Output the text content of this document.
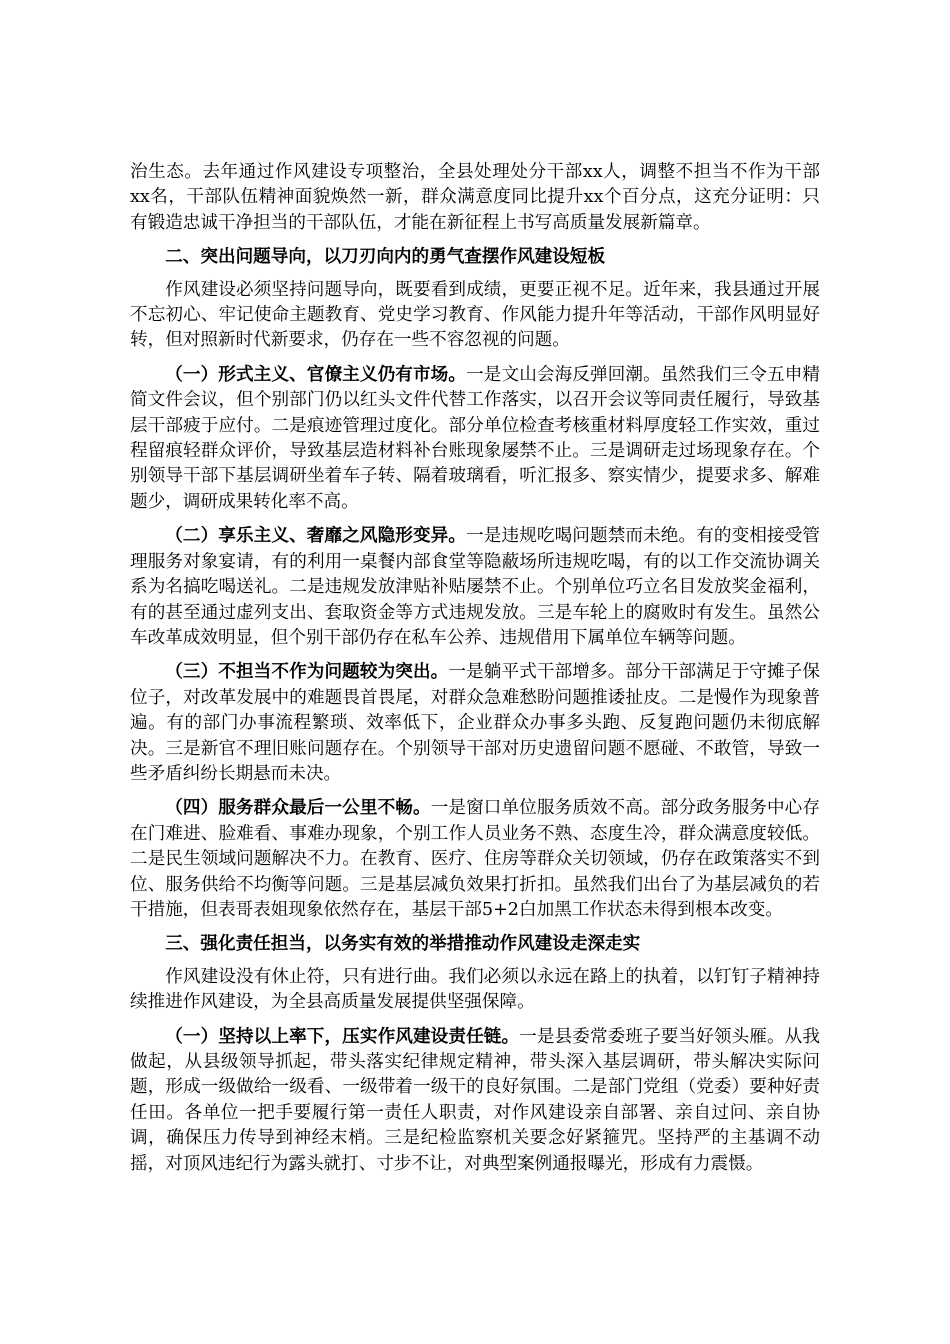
治生态。去年通过作风建设专项整治，全县处理处分干部xx人，调整不担当不作为干部xx名，干部队伍精神面貌焕然一新，群众满意度同比提升xx个百分点，这充分证明：只有锻造忠诚干净担当的干部队伍，才能在新征程上书写高质量发展新篇章。

二、突出问题导向，以刀刃向内的勇气查摆作风建设短板

作风建设必须坚持问题导向，既要看到成绩，更要正视不足。近年来，我县通过开展不忘初心、牢记使命主题教育、党史学习教育、作风能力提升年等活动，干部作风明显好转，但对照新时代新要求，仍存在一些不容忽视的问题。

（一）形式主义、官僚主义仍有市场。一是文山会海反弹回潮。虽然我们三令五申精简文件会议，但个别部门仍以红头文件代替工作落实，以召开会议等同责任履行，导致基层干部疲于应付。二是痕迹管理过度化。部分单位检查考核重材料厚度轻工作实效，重过程留痕轻群众评价，导致基层造材料补台账现象屡禁不止。三是调研走过场现象存在。个别领导干部下基层调研坐着车子转、隔着玻璃看，听汇报多、察实情少，提要求多、解难题少，调研成果转化率不高。

（二）享乐主义、奢靡之风隐形变异。一是违规吃喝问题禁而未绝。有的变相接受管理服务对象宴请，有的利用一桌餐内部食堂等隐蔽场所违规吃喝，有的以工作交流协调关系为名搞吃喝送礼。二是违规发放津贴补贴屡禁不止。个别单位巧立名目发放奖金福利，有的甚至通过虚列支出、套取资金等方式违规发放。三是车轮上的腐败时有发生。虽然公车改革成效明显，但个别干部仍存在私车公养、违规借用下属单位车辆等问题。

（三）不担当不作为问题较为突出。一是躺平式干部增多。部分干部满足于守摊子保位子，对改革发展中的难题畏首畏尾，对群众急难愁盼问题推诿扯皮。二是慢作为现象普遍。有的部门办事流程繁琐、效率低下，企业群众办事多头跑、反复跑问题仍未彻底解决。三是新官不理旧账问题存在。个别领导干部对历史遗留问题不愿碰、不敢管，导致一些矛盾纠纷长期悬而未决。

（四）服务群众最后一公里不畅。一是窗口单位服务质效不高。部分政务服务中心存在门难进、脸难看、事难办现象，个别工作人员业务不熟、态度生冷，群众满意度较低。二是民生领域问题解决不力。在教育、医疗、住房等群众关切领域，仍存在政策落实不到位、服务供给不均衡等问题。三是基层减负效果打折扣。虽然我们出台了为基层减负的若干措施，但表哥表姐现象依然存在，基层干部5+2白加黑工作状态未得到根本改变。

三、强化责任担当，以务实有效的举措推动作风建设走深走实

作风建设没有休止符，只有进行曲。我们必须以永远在路上的执着，以钉钉子精神持续推进作风建设，为全县高质量发展提供坚强保障。

（一）坚持以上率下，压实作风建设责任链。一是县委常委班子要当好领头雁。从我做起，从县级领导抓起，带头落实纪律规定精神，带头深入基层调研，带头解决实际问题，形成一级做给一级看、一级带着一级干的良好氛围。二是部门党组（党委）要种好责任田。各单位一把手要履行第一责任人职责，对作风建设亲自部署、亲自过问、亲自协调，确保压力传导到神经末梢。三是纪检监察机关要念好紧箍咒。坚持严的主基调不动摇，对顶风违纪行为露头就打、寸步不让，对典型案例通报曝光，形成有力震慑。
